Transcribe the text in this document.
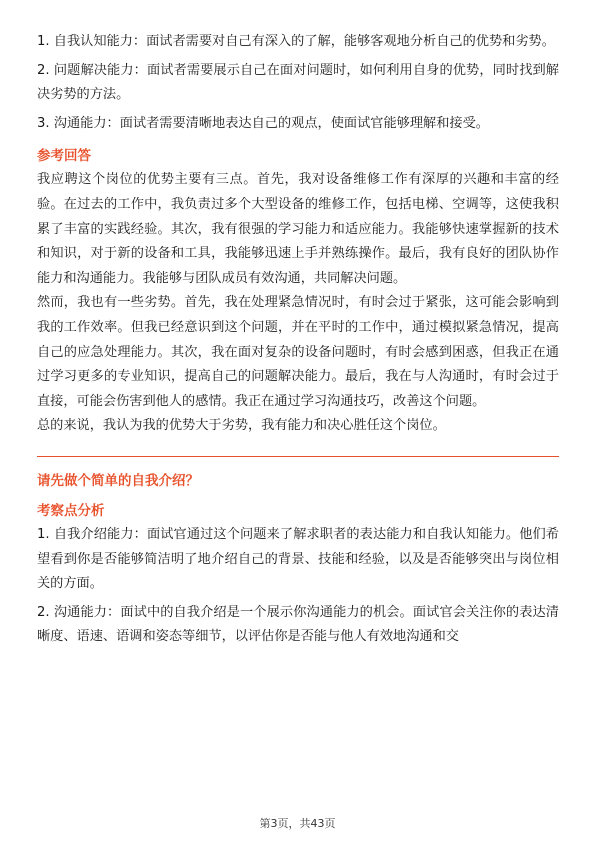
1. 自我认知能力：面试者需要对自己有深入的了解，能够客观地分析自己的优势和劣势。

2. 问题解决能力：面试者需要展示自己在面对问题时，如何利用自身的优势，同时找到解决劣势的方法。

3. 沟通能力：面试者需要清晰地表达自己的观点，使面试官能够理解和接受。

参考回答

我应聘这个岗位的优势主要有三点。首先，我对设备维修工作有深厚的兴趣和丰富的经验。在过去的工作中，我负责过多个大型设备的维修工作，包括电梯、空调等，这使我积累了丰富的实践经验。其次，我有很强的学习能力和适应能力。我能够快速掌握新的技术和知识，对于新的设备和工具，我能够迅速上手并熟练操作。最后，我有良好的团队协作能力和沟通能力。我能够与团队成员有效沟通，共同解决问题。

然而，我也有一些劣势。首先，我在处理紧急情况时，有时会过于紧张，这可能会影响到我的工作效率。但我已经意识到这个问题，并在平时的工作中，通过模拟紧急情况，提高自己的应急处理能力。其次，我在面对复杂的设备问题时，有时会感到困惑，但我正在通过学习更多的专业知识，提高自己的问题解决能力。最后，我在与人沟通时，有时会过于直接，可能会伤害到他人的感情。我正在通过学习沟通技巧，改善这个问题。

总的来说，我认为我的优势大于劣势，我有能力和决心胜任这个岗位。

请先做个简单的自我介绍？
考察点分析

1. 自我介绍能力：面试官通过这个问题来了解求职者的表达能力和自我认知能力。他们希望看到你是否能够简洁明了地介绍自己的背景、技能和经验，以及是否能够突出与岗位相关的方面。

2. 沟通能力：面试中的自我介绍是一个展示你沟通能力的机会。面试官会关注你的表达清晰度、语速、语调和姿态等细节，以评估你是否能与他人有效地沟通和交

第3页，共43页
